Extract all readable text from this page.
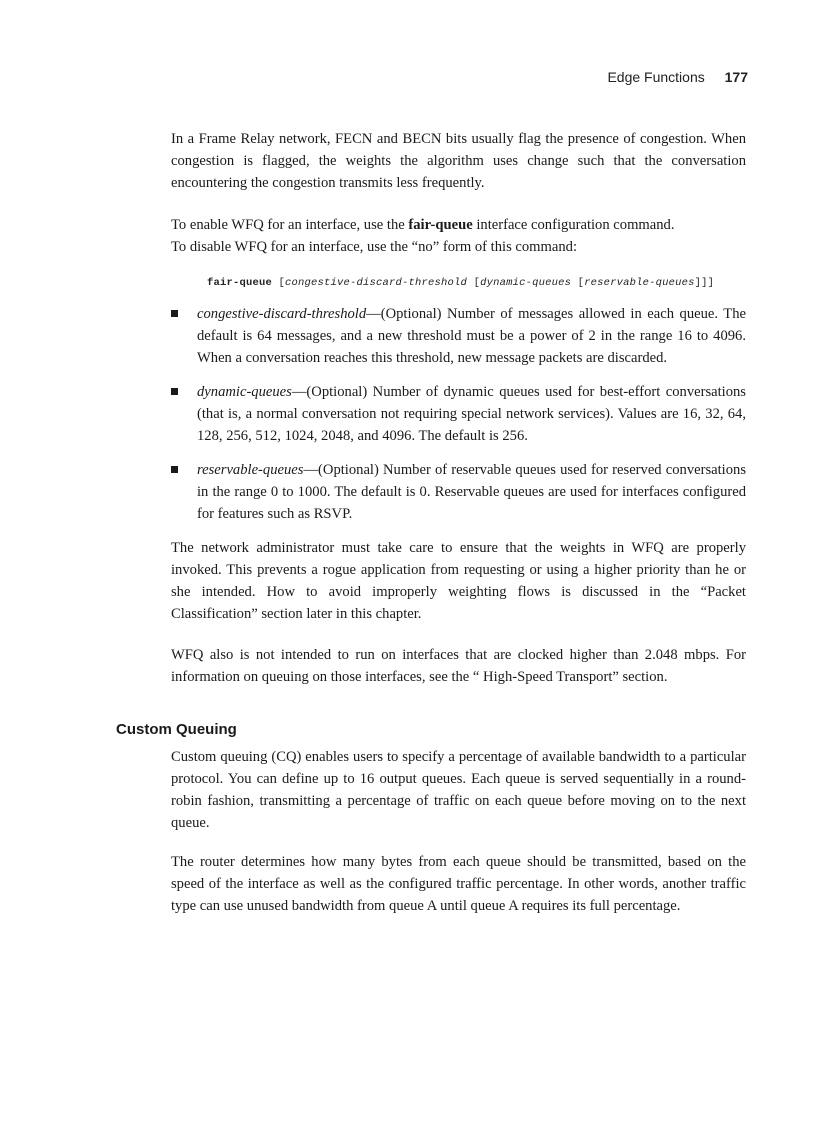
Edge Functions 177

In a Frame Relay network, FECN and BECN bits usually flag the presence of congestion. When congestion is flagged, the weights the algorithm uses change such that the conversation encountering the congestion transmits less frequently.

To enable WFQ for an interface, use the fair-queue interface configuration command.

To disable WFQ for an interface, use the “no” form of this command:

fair-queue [congestive-discard-threshold [dynamic-queues [reservable-queues]]]
congestive-discard-threshold—(Optional) Number of messages allowed in each queue. The default is 64 messages, and a new threshold must be a power of 2 in the range 16 to 4096. When a conversation reaches this threshold, new message packets are discarded.
dynamic-queues—(Optional) Number of dynamic queues used for best-effort conversations (that is, a normal conversation not requiring special network services). Values are 16, 32, 64, 128, 256, 512, 1024, 2048, and 4096. The default is 256.
reservable-queues—(Optional) Number of reservable queues used for reserved conversations in the range 0 to 1000. The default is 0. Reservable queues are used for interfaces configured for features such as RSVP.

The network administrator must take care to ensure that the weights in WFQ are properly invoked. This prevents a rogue application from requesting or using a higher priority than he or she intended. How to avoid improperly weighting flows is discussed in the “Packet Classification” section later in this chapter.

WFQ also is not intended to run on interfaces that are clocked higher than 2.048 mbps. For information on queuing on those interfaces, see the “ High-Speed Transport” section.

Custom Queuing

Custom queuing (CQ) enables users to specify a percentage of available bandwidth to a particular protocol. You can define up to 16 output queues. Each queue is served sequentially in a round-robin fashion, transmitting a percentage of traffic on each queue before moving on to the next queue.

The router determines how many bytes from each queue should be transmitted, based on the speed of the interface as well as the configured traffic percentage. In other words, another traffic type can use unused bandwidth from queue A until queue A requires its full percentage.
